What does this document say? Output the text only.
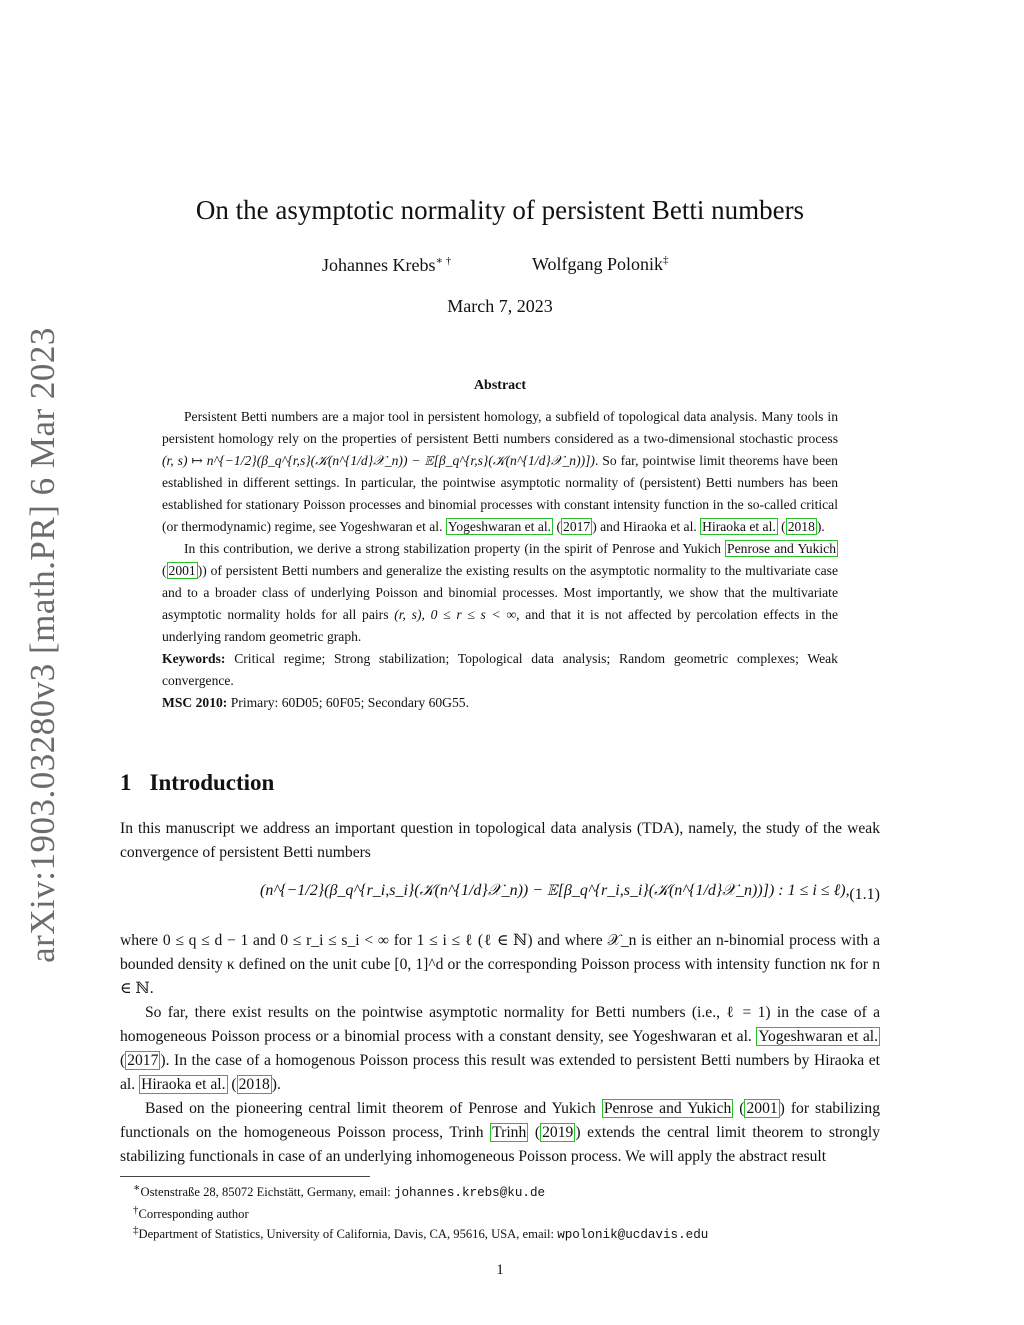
arXiv:1903.03280v3 [math.PR] 6 Mar 2023
On the asymptotic normality of persistent Betti numbers
Johannes Krebs∗ †	Wolfgang Polonik‡
March 7, 2023
Abstract

Persistent Betti numbers are a major tool in persistent homology, a subfield of topological data analysis. Many tools in persistent homology rely on the properties of persistent Betti numbers considered as a two-dimensional stochastic process (r, s) ↦ n^{−1/2}(β_q^{r,s}(𝒦(n^{1/d}𝒳_n)) − 𝔼[β_q^{r,s}(𝒦(n^{1/d}𝒳_n))]). So far, pointwise limit theorems have been established in different settings. In particular, the pointwise asymptotic normality of (persistent) Betti numbers has been established for stationary Poisson processes and binomial processes with constant intensity function in the so-called critical (or thermodynamic) regime, see Yogeshwaran et al. Yogeshwaran et al. ( 2017 ) and Hiraoka et al. Hiraoka et al. ( 2018 ).

In this contribution, we derive a strong stabilization property (in the spirit of Penrose and Yukich Penrose and Yukich ( 2001 )) of persistent Betti numbers and generalize the existing results on the asymptotic normality to the multivariate case and to a broader class of underlying Poisson and binomial processes. Most importantly, we show that the multivariate asymptotic normality holds for all pairs (r, s), 0 ≤ r ≤ s < ∞, and that it is not affected by percolation effects in the underlying random geometric graph.

Keywords: Critical regime; Strong stabilization; Topological data analysis; Random geometric complexes; Weak convergence.

MSC 2010: Primary: 60D05; 60F05; Secondary 60G55.

1 Introduction

In this manuscript we address an important question in topological data analysis (TDA), namely, the study of the weak convergence of persistent Betti numbers

(n^{−1/2}(β_q^{r_i,s_i}(𝒦(n^{1/d}𝒳_n)) − 𝔼[β_q^{r_i,s_i}(𝒦(n^{1/d}𝒳_n))]) : 1 ≤ i ≤ ℓ), (1.1)

where 0 ≤ q ≤ d − 1 and 0 ≤ r_i ≤ s_i < ∞ for 1 ≤ i ≤ ℓ (ℓ ∈ ℕ) and where 𝒳_n is either an n-binomial process with a bounded density κ defined on the unit cube [0, 1]^d or the corresponding Poisson process with intensity function nκ for n ∈ ℕ.

So far, there exist results on the pointwise asymptotic normality for Betti numbers (i.e., ℓ = 1) in the case of a homogeneous Poisson process or a binomial process with a constant density, see Yogeshwaran et al. Yogeshwaran et al. ( 2017 ). In the case of a homogenous Poisson process this result was extended to persistent Betti numbers by Hiraoka et al. Hiraoka et al. ( 2018 ).

Based on the pioneering central limit theorem of Penrose and Yukich Penrose and Yukich ( 2001 ) for stabilizing functionals on the homogeneous Poisson process, Trinh Trinh ( 2019 ) extends the central limit theorem to strongly stabilizing functionals in case of an underlying inhomogeneous Poisson process. We will apply the abstract result

∗Ostenstraße 28, 85072 Eichstätt, Germany, email: johannes.krebs@ku.de
†Corresponding author
‡Department of Statistics, University of California, Davis, CA, 95616, USA, email: wpolonik@ucdavis.edu
1
